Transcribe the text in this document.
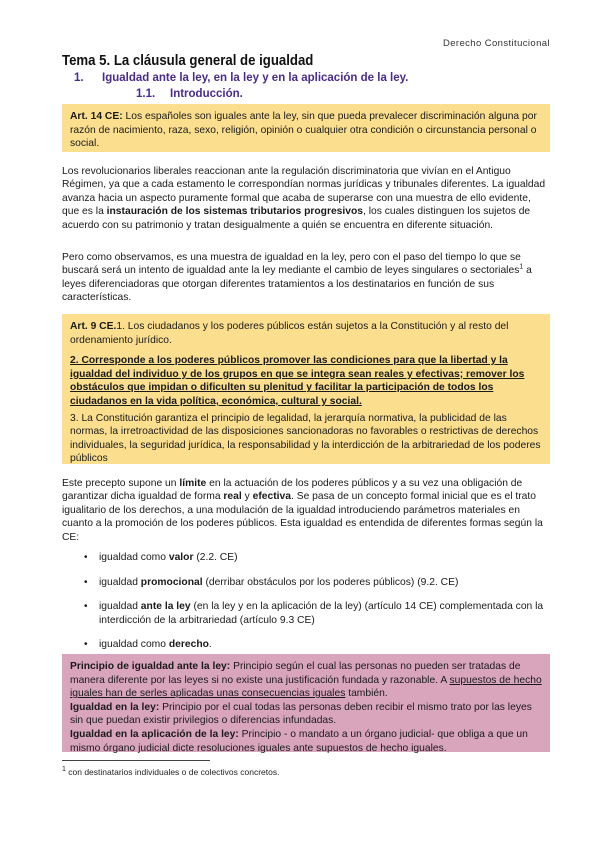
Derecho Constitucional
Tema 5. La cláusula general de igualdad
1. Igualdad ante la ley, en la ley y en la aplicación de la ley.
1.1. Introducción.

Art. 14 CE: Los españoles son iguales ante la ley, sin que pueda prevalecer discriminación alguna por razón de nacimiento, raza, sexo, religión, opinión o cualquier otra condición o circunstancia personal o social.

Los revolucionarios liberales reaccionan ante la regulación discriminatoria que vivían en el Antiguo Régimen, ya que a cada estamento le correspondían normas jurídicas y tribunales diferentes. La igualdad avanza hacia un aspecto puramente formal que acaba de superarse con una muestra de ello evidente, que es la instauración de los sistemas tributarios progresivos, los cuales distinguen los sujetos de acuerdo con su patrimonio y tratan desigualmente a quién se encuentra en diferente situación.

Pero como observamos, es una muestra de igualdad en la ley, pero con el paso del tiempo lo que se buscará será un intento de igualdad ante la ley mediante el cambio de leyes singulares o sectoriales$^1$ a leyes diferenciadoras que otorgan diferentes tratamientos a los destinatarios en función de sus características.

Art. 9 CE.1. Los ciudadanos y los poderes públicos están sujetos a la Constitución y al resto del ordenamiento jurídico.

2. Corresponde a los poderes públicos promover las condiciones para que la libertad y la igualdad del individuo y de los grupos en que se integra sean reales y efectivas; remover los obstáculos que impidan o dificulten su plenitud y facilitar la participación de todos los ciudadanos en la vida política, económica, cultural y social.

3. La Constitución garantiza el principio de legalidad, la jerarquía normativa, la publicidad de las normas, la irretroactividad de las disposiciones sancionadoras no favorables o restrictivas de derechos individuales, la seguridad jurídica, la responsabilidad y la interdicción de la arbitrariedad de los poderes públicos

Este precepto supone un límite en la actuación de los poderes públicos y a su vez una obligación de garantizar dicha igualdad de forma real y efectiva. Se pasa de un concepto formal inicial que es el trato igualitario de los derechos, a una modulación de la igualdad introduciendo parámetros materiales en cuanto a la promoción de los poderes públicos. Esta igualdad es entendida de diferentes formas según la CE:

• igualdad como valor (2.2. CE)
• igualdad promocional (derribar obstáculos por los poderes públicos) (9.2. CE)
• igualdad ante la ley (en la ley y en la aplicación de la ley) (artículo 14 CE) complementada con la interdicción de la arbitrariedad (artículo 9.3 CE)
• igualdad como derecho.

Principio de igualdad ante la ley: Principio según el cual las personas no pueden ser tratadas de manera diferente por las leyes si no existe una justificación fundada y razonable. A supuestos de hecho iguales han de serles aplicadas unas consecuencias iguales también.

Igualdad en la ley: Principio por el cual todas las personas deben recibir el mismo trato por las leyes sin que puedan existir privilegios o diferencias infundadas.

Igualdad en la aplicación de la ley: Principio - o mandato a un órgano judicial- que obliga a que un mismo órgano judicial dicte resoluciones iguales ante supuestos de hecho iguales.

$^1$ con destinatarios individuales o de colectivos concretos.
